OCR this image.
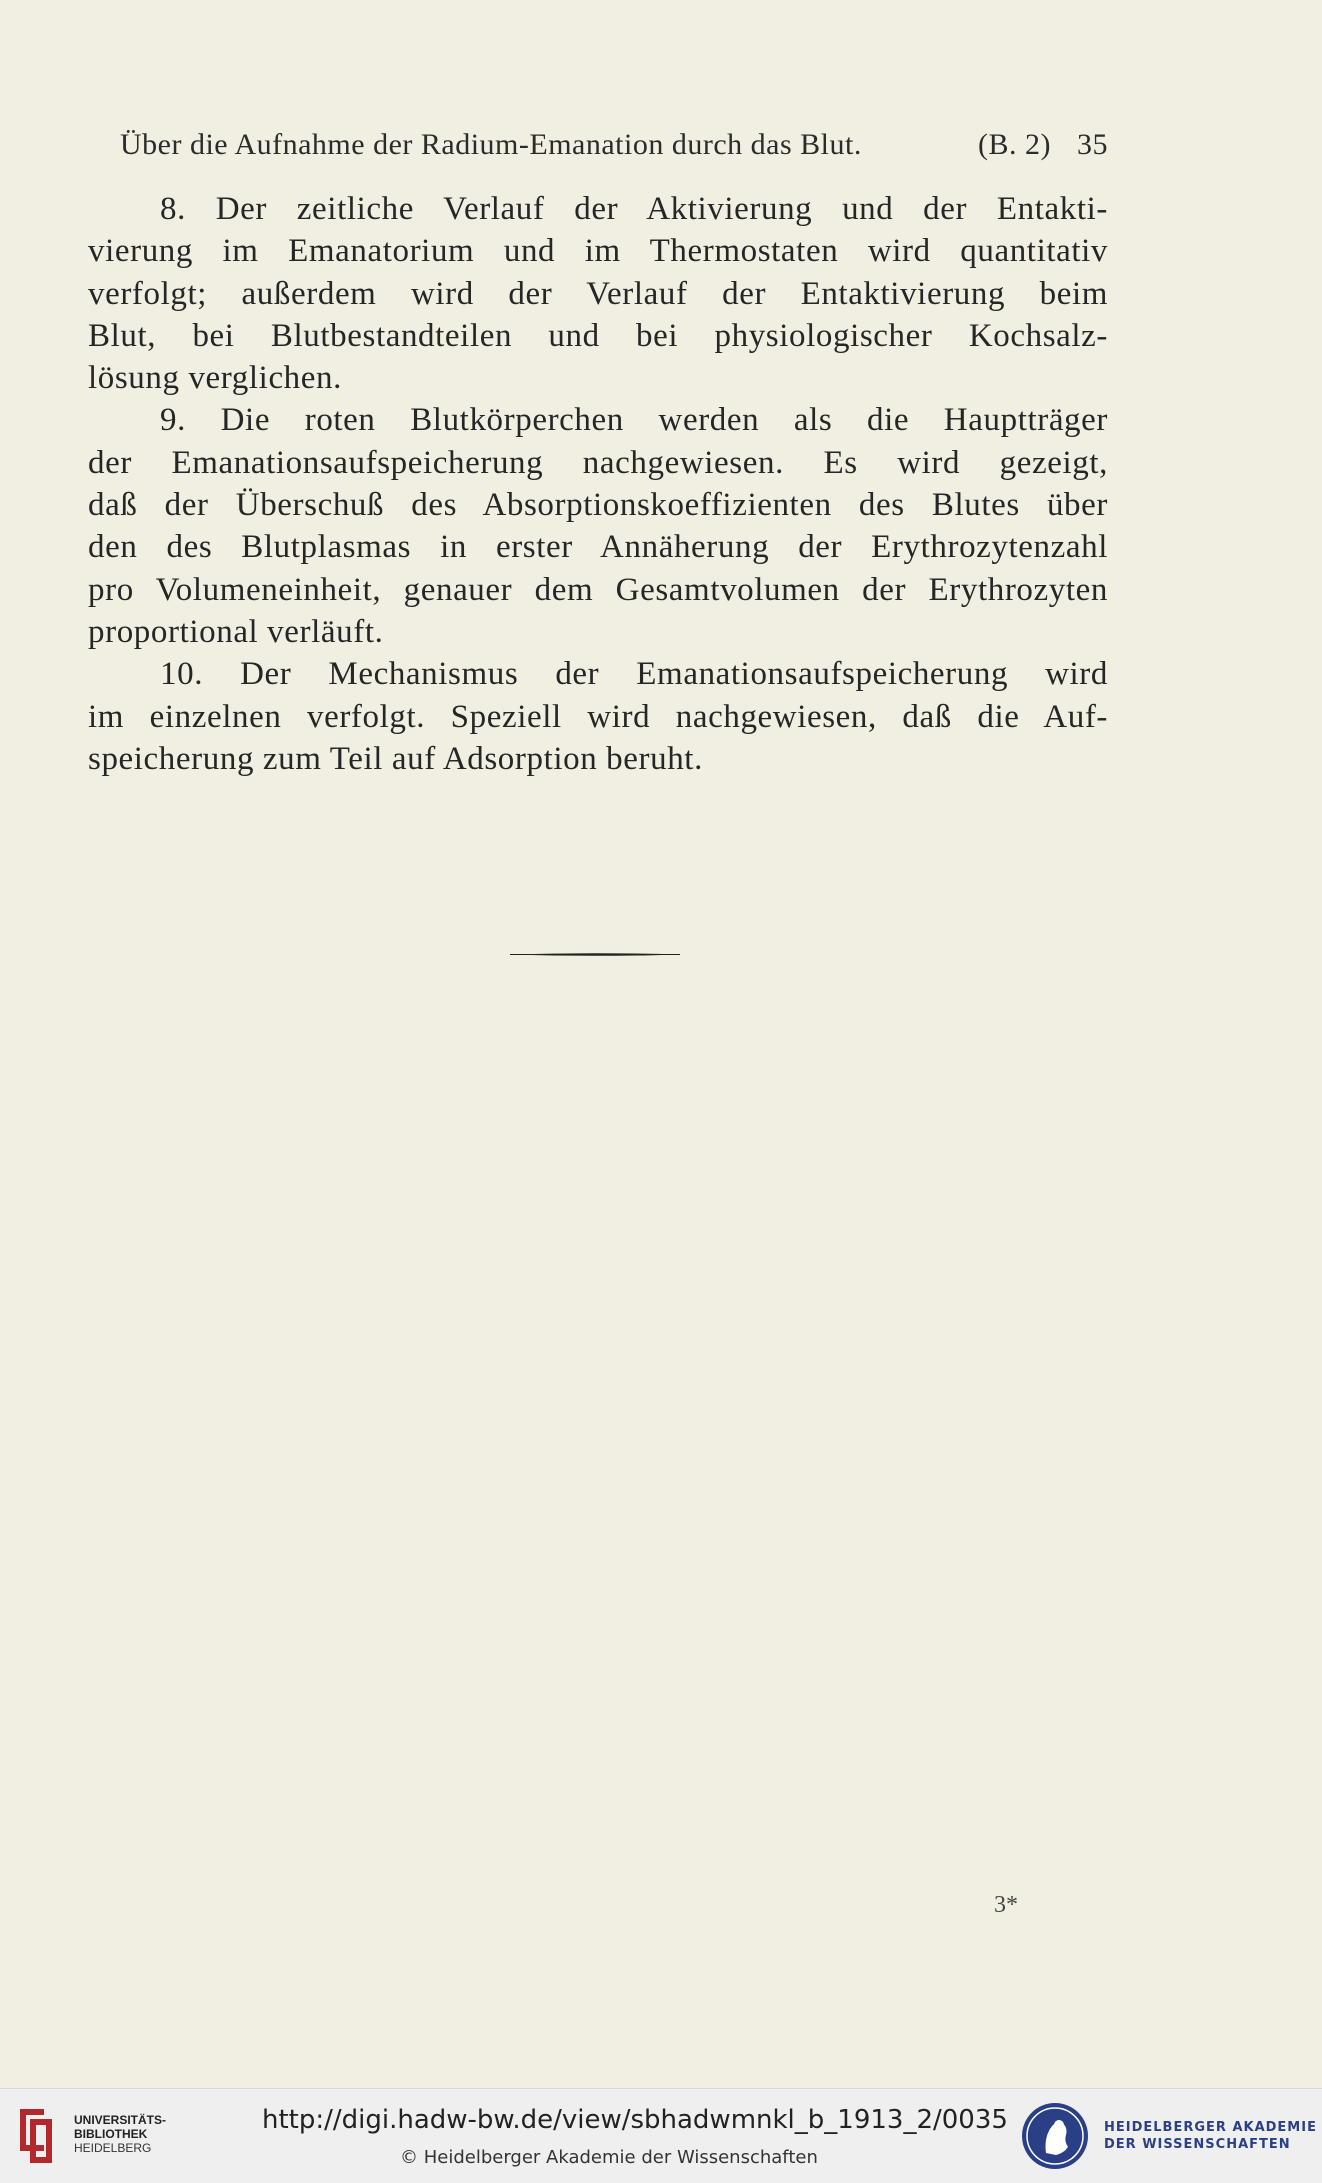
Über die Aufnahme der Radium-Emanation durch das Blut.	(B. 2) 35

8. Der zeitliche Verlauf der Aktivierung und der Entakti-
vierung im Emanatorium und im Thermostaten wird quantitativ
verfolgt; außerdem wird der Verlauf der Entaktivierung beim
Blut, bei Blutbestandteilen und bei physiologischer Kochsalz-
lösung verglichen.

9. Die roten Blutkörperchen werden als die Hauptträger
der Emanationsaufspeicherung nachgewiesen. Es wird gezeigt,
daß der Überschuß des Absorptionskoeffizienten des Blutes über
den des Blutplasmas in erster Annäherung der Erythrozytenzahl
pro Volumeneinheit, genauer dem Gesamtvolumen der Erythrozyten
proportional verläuft.

10. Der Mechanismus der Emanationsaufspeicherung wird
im einzelnen verfolgt. Speziell wird nachgewiesen, daß die Auf-
speicherung zum Teil auf Adsorption beruht.

3*
UNIVERSITÄTS-
BIBLIOTHEK
HEIDELBERG
http://digi.hadw-bw.de/view/sbhadwmnkl_b_1913_2/0035
© Heidelberger Akademie der Wissenschaften
HEIDELBERGER AKADEMIE
DER WISSENSCHAFTEN
